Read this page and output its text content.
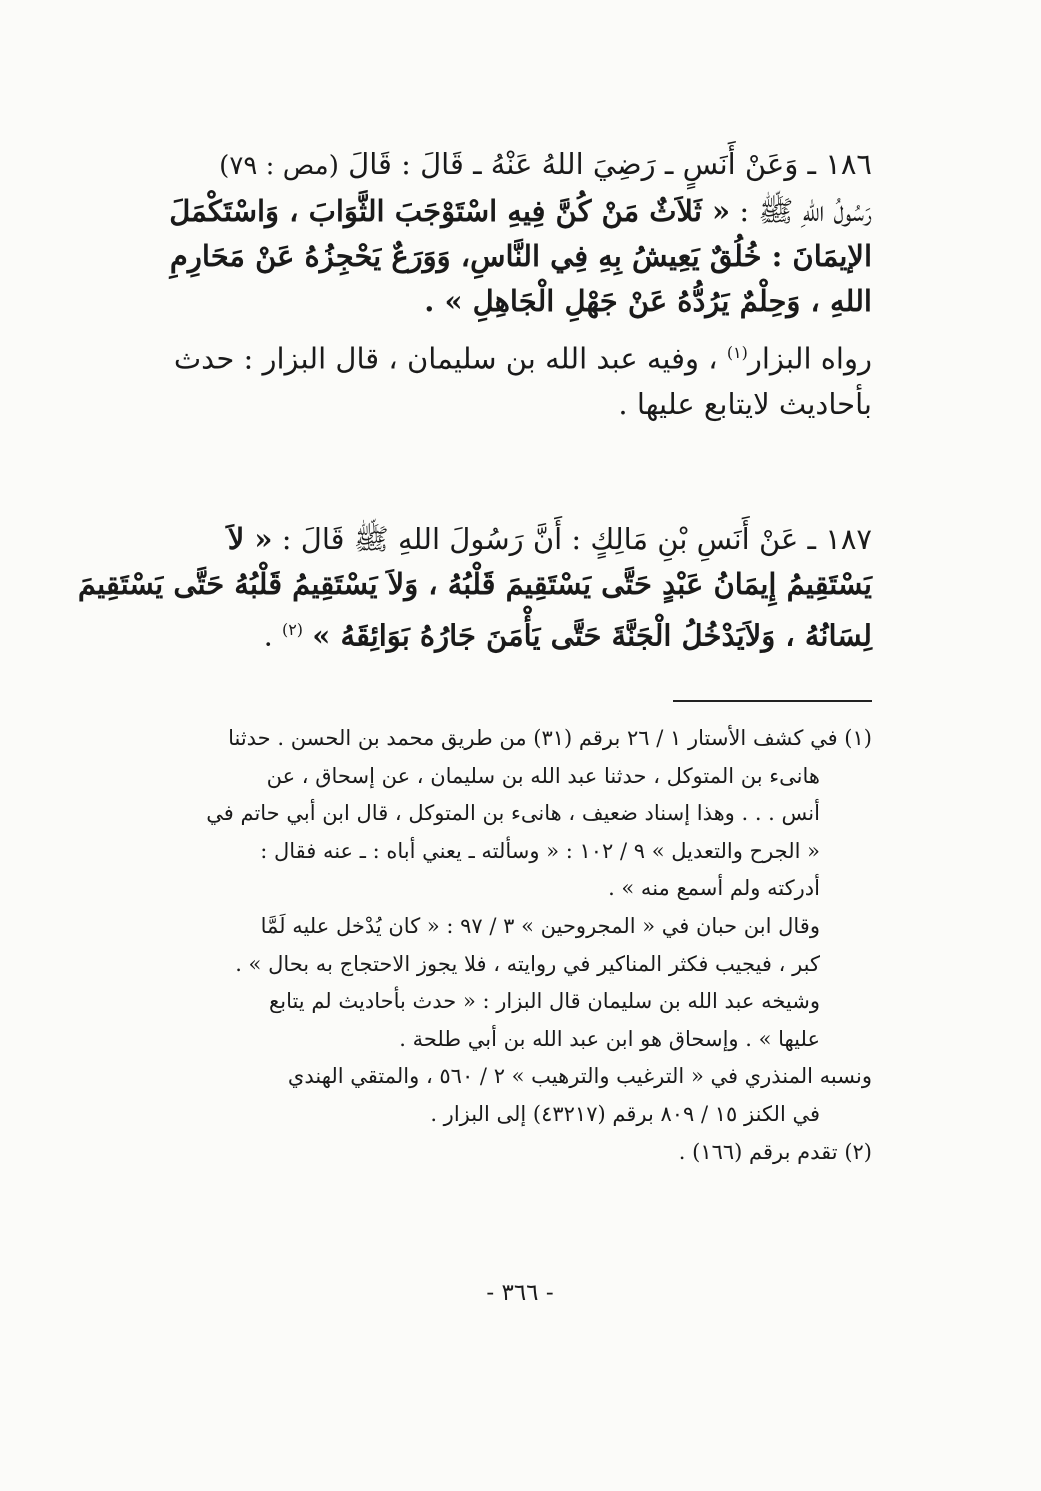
١٨٦ ـ وَعَنْ أَنَسٍ ـ رَضِيَ اللهُ عَنْهُ ـ قَالَ : قَالَ (مص : ٧٩)
رَسُولُ اللهِ ﷺ : « ثَلاَثٌ مَنْ كُنَّ فِيهِ اسْتَوْجَبَ الثَّوَابَ ، وَاسْتَكْمَلَ
الإيمَانَ : خُلُقٌ يَعِيشُ بِهِ فِي النَّاسِ، وَوَرَعٌ يَحْجِزُهُ عَنْ مَحَارِمِ
اللهِ ، وَحِلْمٌ يَرُدُّهُ عَنْ جَهْلِ الْجَاهِلِ » .
رواه البزار$^{(١)}$ ، وفيه عبد الله بن سليمان ، قال البزار : حدث
بأحاديث لايتابع عليها .
١٨٧ ـ عَنْ أَنَسِ بْنِ مَالِكٍ : أَنَّ رَسُولَ اللهِ ﷺ قَالَ : « لاَ
يَسْتَقِيمُ إِيمَانُ عَبْدٍ حَتَّى يَسْتَقِيمَ قَلْبُهُ ، وَلاَ يَسْتَقِيمُ قَلْبُهُ حَتَّى يَسْتَقِيمَ
لِسَانُهُ ، وَلاَيَدْخُلُ الْجَنَّةَ حَتَّى يَأْمَنَ جَارُهُ بَوَائِقَهُ » $^{(٢)}$ .
(١) في كشف الأستار ١ / ٢٦ برقم (٣١) من طريق محمد بن الحسن . حدثنا
هانىء بن المتوكل ، حدثنا عبد الله بن سليمان ، عن إسحاق ، عن
أنس . . . وهذا إسناد ضعيف ، هانىء بن المتوكل ، قال ابن أبي حاتم في
« الجرح والتعديل » ٩ / ١٠٢ : « وسألته ـ يعني أباه : ـ عنه فقال :
أدركته ولم أسمع منه » .
وقال ابن حبان في « المجروحين » ٣ / ٩٧ : « كان يُدْخل عليه لَمَّا
كبر ، فيجيب فكثر المناكير في روايته ، فلا يجوز الاحتجاج به بحال » .
وشيخه عبد الله بن سليمان قال البزار : « حدث بأحاديث لم يتابع
عليها » . وإسحاق هو ابن عبد الله بن أبي طلحة .
ونسبه المنذري في « الترغيب والترهيب » ٢ / ٥٦٠ ، والمتقي الهندي
في الكنز ١٥ / ٨٠٩ برقم (٤٣٢١٧) إلى البزار .
(٢) تقدم برقم (١٦٦) .
- ٣٦٦ -
